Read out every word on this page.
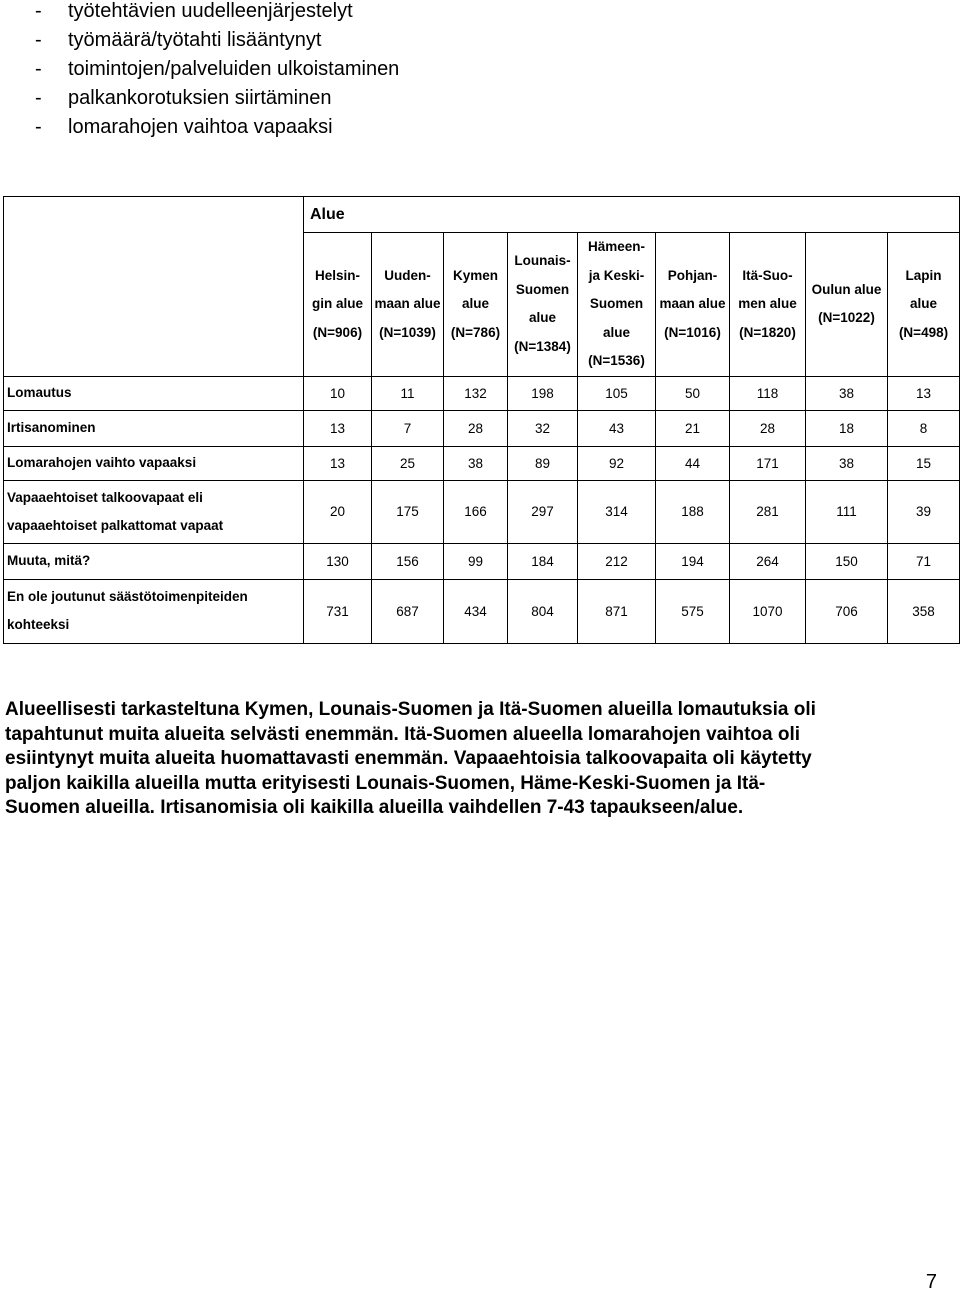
- työtehtävien uudelleenjärjestelyt
- työmäärä/työtahti lisääntynyt
- toimintojen/palveluiden ulkoistaminen
- palkankorotuksien siirtäminen
- lomarahojen vaihtoa vapaaksi
	Alue								

	Helsin-
gin alue
(N=906)	Uuden-
maan alue
(N=1039)	Kymen
alue
(N=786)	Lounais-
Suomen
alue
(N=1384)	Hämeen-
ja Keski-
Suomen
alue
(N=1536)	Pohjan-
maan alue
(N=1016)	Itä-Suo-
men alue
(N=1820)	Oulun alue
(N=1022)	Lapin
alue
(N=498)

Lomautus	10	11	132	198	105	50	118	38	13

Irtisanominen	13	7	28	32	43	21	28	18	8

Lomarahojen vaihto vapaaksi	13	25	38	89	92	44	171	38	15

Vapaaehtoiset talkoovapaat eli
vapaaehtoiset palkattomat vapaat	20	175	166	297	314	188	281	111	39

Muuta, mitä?	130	156	99	184	212	194	264	150	71

En ole joutunut säästötoimenpiteiden
kohteeksi	731	687	434	804	871	575	1070	706	358
Alueellisesti tarkasteltuna Kymen, Lounais-Suomen ja Itä-Suomen alueilla lomautuksia oli
tapahtunut muita alueita selvästi enemmän. Itä-Suomen alueella lomarahojen vaihtoa oli
esiintynyt muita alueita huomattavasti enemmän. Vapaaehtoisia talkoovapaita oli käytetty
paljon kaikilla alueilla mutta erityisesti Lounais-Suomen, Häme-Keski-Suomen ja Itä-
Suomen alueilla. Irtisanomisia oli kaikilla alueilla vaihdellen 7-43 tapaukseen/alue.
7
